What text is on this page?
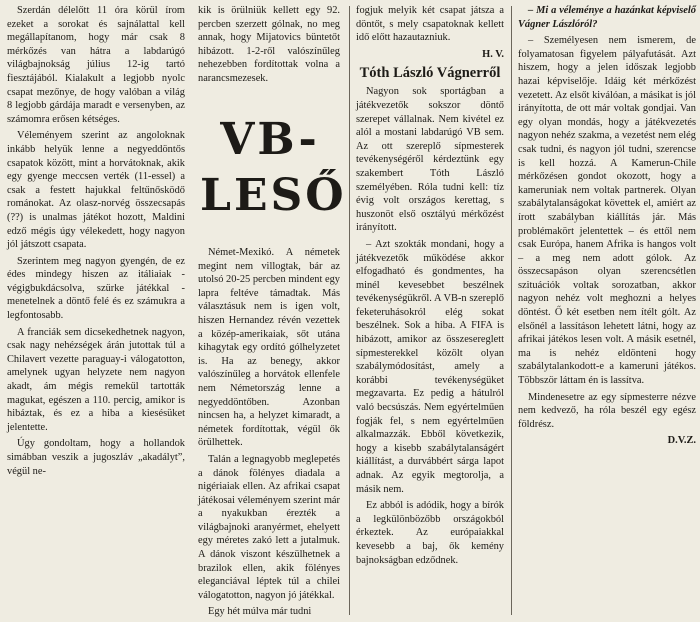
Szerdán délelőtt 11 óra körül írom ezeket a sorokat és sajnálattal kell megállapítanom, hogy már csak 8 mérkőzés van hátra a labdarúgó világbajnokság július 12-ig tartó fiesztájából. Kialakult a legjobb nyolc csapat mezőnye, de hogy valóban a világ 8 legjobb gárdája maradt e versenyben, az számomra erősen kétséges.

Véleményem szerint az angoloknak inkább helyük lenne a negyeddöntős csapatok között, mint a horvátoknak, akik egy gyenge meccsen verték (11-essel) a csak a festett hajukkal feltűnősködő románokat. Az olasz-norvég összecsapás (??) is unalmas játékot hozott, Maldini edző mégis úgy vélekedett, hogy nagyon jól játszott csapata.

Szerintem meg nagyon gyengén, de ez édes mindegy hiszen az itáliaiak - végigbukdácsolva, szürke játékkal - menetelnek a döntő felé és ez számukra a legfontosabb.

A franciák sem dicsekedhetnek nagyon, csak nagy nehézségek árán jutottak túl a Chilavert vezette paraguay-i válogatotton, amelynek ugyan helyzete nem nagyon akadt, ám mégis remekül tartották magukat, egészen a 110. percig, amikor is hibáztak, és ez a hiba a kiesésüket jelentette.

Úgy gondoltam, hogy a hollandok simábban veszik a jugoszláv „akadályt”, végül ne-

kik is örülniük kellett egy 92. percben szerzett gólnak, no meg annak, hogy Mijatovics büntetőt hibázott. 1-2-ről valószínűleg nehezebben fordítottak volna a narancsmezesek.

VB-
LESŐ

Német-Mexikó. A németek megint nem villogtak, bár az utolsó 20-25 percben mindent egy lapra feltéve támadtak. Más választásuk nem is igen volt, hiszen Hernandez révén vezettek a közép-amerikaiak, sőt utána kihagytak egy ordító gólhelyzetet is. Ha az benegy, akkor valószínűleg a horvátok ellenfele nem Németország lenne a negyeddöntőben. Azonban nincsen ha, a helyzet kimaradt, a németek fordítottak, végül ők örülhettek.

Talán a legnagyobb meglepetés a dánok fölényes diadala a nigériaiak ellen. Az afrikai csapat játékosai véleményem szerint már a nyakukban érezték a világbajnoki aranyérmet, ehelyett egy méretes zakó lett a jutalmuk. A dánok viszont készülhetnek a brazilok ellen, akik fölényes eleganciával léptek túl a chilei válogatotton, nagyon jó játékkal.

Egy hét múlva már tudni

fogjuk melyik két csapat játsza a döntőt, s mely csapatoknak kellett idő előtt hazautazniuk.

H. V.

Tóth László Vágnerről

Nagyon sok sportágban a játékvezetők sokszor döntő szerepet vállalnak. Nem kivétel ez alól a mostani labdarúgó VB sem. Az ott szereplő sípmesterek tevékenységéről kérdeztünk egy szakembert Tóth László személyében. Róla tudni kell: tíz évig volt országos kerettag, s huszonöt első osztályú mérkőzést irányított.

– Azt szokták mondani, hogy a játékvezetők működése akkor elfogadható és gondmentes, ha minél kevesebbet beszélnek tevékenységükről. A VB-n szereplő feketeruhásokról elég sokat beszélnek. Sok a hiba. A FIFA is hibázott, amikor az összesereglett sípmesterekkel közölt olyan szabálymódosítást, amely a korábbi tevékenységüket megzavarta. Ez pedig a hátulról való becsúszás. Nem egyértelműen fogják fel, s nem egyértelműen alkalmazzák. Ebből következik, hogy a kisebb szabálytalanságért kiállítást, a durvábbért sárga lapot adnak. Az egyik megtorolja, a másik nem.

Ez abból is adódik, hogy a bírók a legkülönbözőbb országokból érkeztek. Az európaiakkal kevesebb a baj, ők kemény bajnokságban edződnek.

– Mi a véleménye a hazánkat képviselő Vágner Lászlóról?

– Személyesen nem ismerem, de folyamatosan figyelem pályafutását. Azt hiszem, hogy a jelen időszak legjobb hazai képviselője. Idáig két mérkőzést vezetett. Az elsőt kiválóan, a másikat is jól irányította, de ott már voltak gondjai. Van egy olyan mondás, hogy a játékvezetés nagyon nehéz szakma, a vezetést nem elég csak tudni, és nagyon jól tudni, szerencse is kell hozzá. A Kamerun-Chile mérkőzésen gondot okozott, hogy a kameruniak nem voltak partnerek. Olyan szabálytalanságokat követtek el, amiért az írott szabályban kiállítás jár. Más problémakört jelentettek – és ettől nem csak Európa, hanem Afrika is hangos volt – a meg nem adott gólok. Az összecsapáson olyan szerencsétlen szituációk voltak sorozatban, akkor nagyon nehéz volt meghozni a helyes döntést. Ő két esetben nem ítélt gólt. Az elsőnél a lassításon lehetett látni, hogy az afrikai játékos lesen volt. A másik esetnél, ma is nehéz eldönteni hogy szabálytalankodott-e a kameruni játékos. Többször láttam én is lassítva.

Mindenesetre az egy sípmesterre nézve nem kedvező, ha róla beszél egy egész földrész.

D.V.Z.
